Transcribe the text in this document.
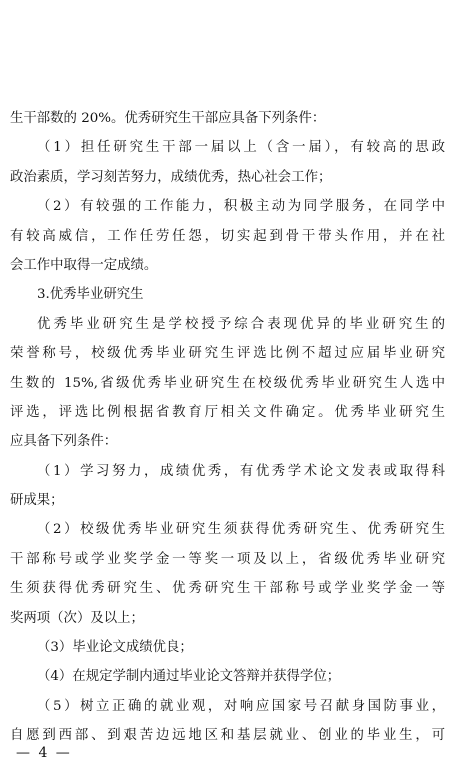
生干部数的 20%。优秀研究生干部应具备下列条件：
（1）担任研究生干部一届以上（含一届），有较高的思政
政治素质，学习刻苦努力，成绩优秀，热心社会工作；
（2）有较强的工作能力，积极主动为同学服务，在同学中
有较高威信，工作任劳任怨，切实起到骨干带头作用，并在社
会工作中取得一定成绩。
3.优秀毕业研究生
优秀毕业研究生是学校授予综合表现优异的毕业研究生的
荣誉称号，校级优秀毕业研究生评选比例不超过应届毕业研究
生数的 15%,省级优秀毕业研究生在校级优秀毕业研究生人选中
评选，评选比例根据省教育厅相关文件确定。优秀毕业研究生
应具备下列条件：
（1）学习努力，成绩优秀，有优秀学术论文发表或取得科
研成果；
（2）校级优秀毕业研究生须获得优秀研究生、优秀研究生
干部称号或学业奖学金一等奖一项及以上，省级优秀毕业研究
生须获得优秀研究生、优秀研究生干部称号或学业奖学金一等
奖两项（次）及以上；
（3）毕业论文成绩优良；
（4）在规定学制内通过毕业论文答辩并获得学位；
（5）树立正确的就业观，对响应国家号召献身国防事业，
自愿到西部、到艰苦边远地区和基层就业、创业的毕业生，可
— 4 —
